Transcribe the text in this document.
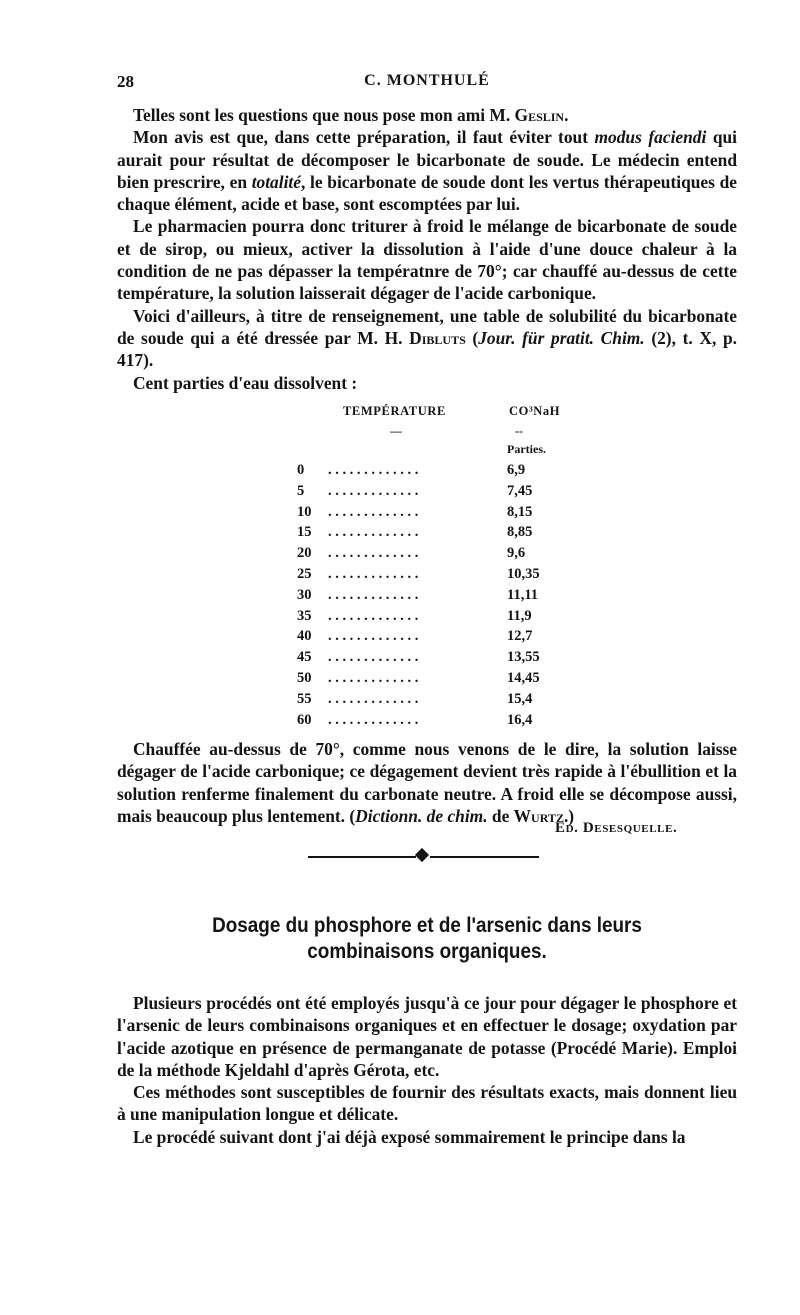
28	C. MONTHULÉ

Telles sont les questions que nous pose mon ami M. Geslin.

Mon avis est que, dans cette préparation, il faut éviter tout modus faciendi qui aurait pour résultat de décomposer le bicarbonate de soude. Le médecin entend bien prescrire, en totalité, le bicarbonate de soude dont les vertus thérapeutiques de chaque élément, acide et base, sont escomptées par lui.

Le pharmacien pourra donc triturer à froid le mélange de bicarbonate de soude et de sirop, ou mieux, activer la dissolution à l'aide d'une douce chaleur à la condition de ne pas dépasser la températnre de 70°; car chauffé au-dessus de cette température, la solution laisserait dégager de l'acide carbonique.

Voici d'ailleurs, à titre de renseignement, une table de solubilité du bicarbonate de soude qui a été dressée par M. H. Dibluts (Jour. für pratit. Chim. (2), t. X, p. 417).

Cent parties d'eau dissolvent :

TEMPÉRATURE	CO³NaH
—	--
Parties.
0 .............	6,9
5 .............	7,45
10 .............	8,15
15 .............	8,85
20 .............	9,6
25 .............	10,35
30 .............	11,11
35 .............	11,9
40 .............	12,7
45 .............	13,55
50 .............	14,45
55 .............	15,4
60 .............	16,4

Chauffée au-dessus de 70°, comme nous venons de le dire, la solution laisse dégager de l'acide carbonique; ce dégagement devient très rapide à l'ébullition et la solution renferme finalement du carbonate neutre. A froid elle se décompose aussi, mais beaucoup plus lentement. (Dictionn. de chim. de Wurtz.)

Ed. Desesquelle.
Dosage du phosphore et de l'arsenic dans leurs
combinaisons organiques.

Plusieurs procédés ont été employés jusqu'à ce jour pour dégager le phosphore et l'arsenic de leurs combinaisons organiques et en effectuer le dosage; oxydation par l'acide azotique en présence de permanganate de potasse (Procédé Marie). Emploi de la méthode Kjeldahl d'après Gérota, etc.

Ces méthodes sont susceptibles de fournir des résultats exacts, mais donnent lieu à une manipulation longue et délicate.

Le procédé suivant dont j'ai déjà exposé sommairement le principe dans la
